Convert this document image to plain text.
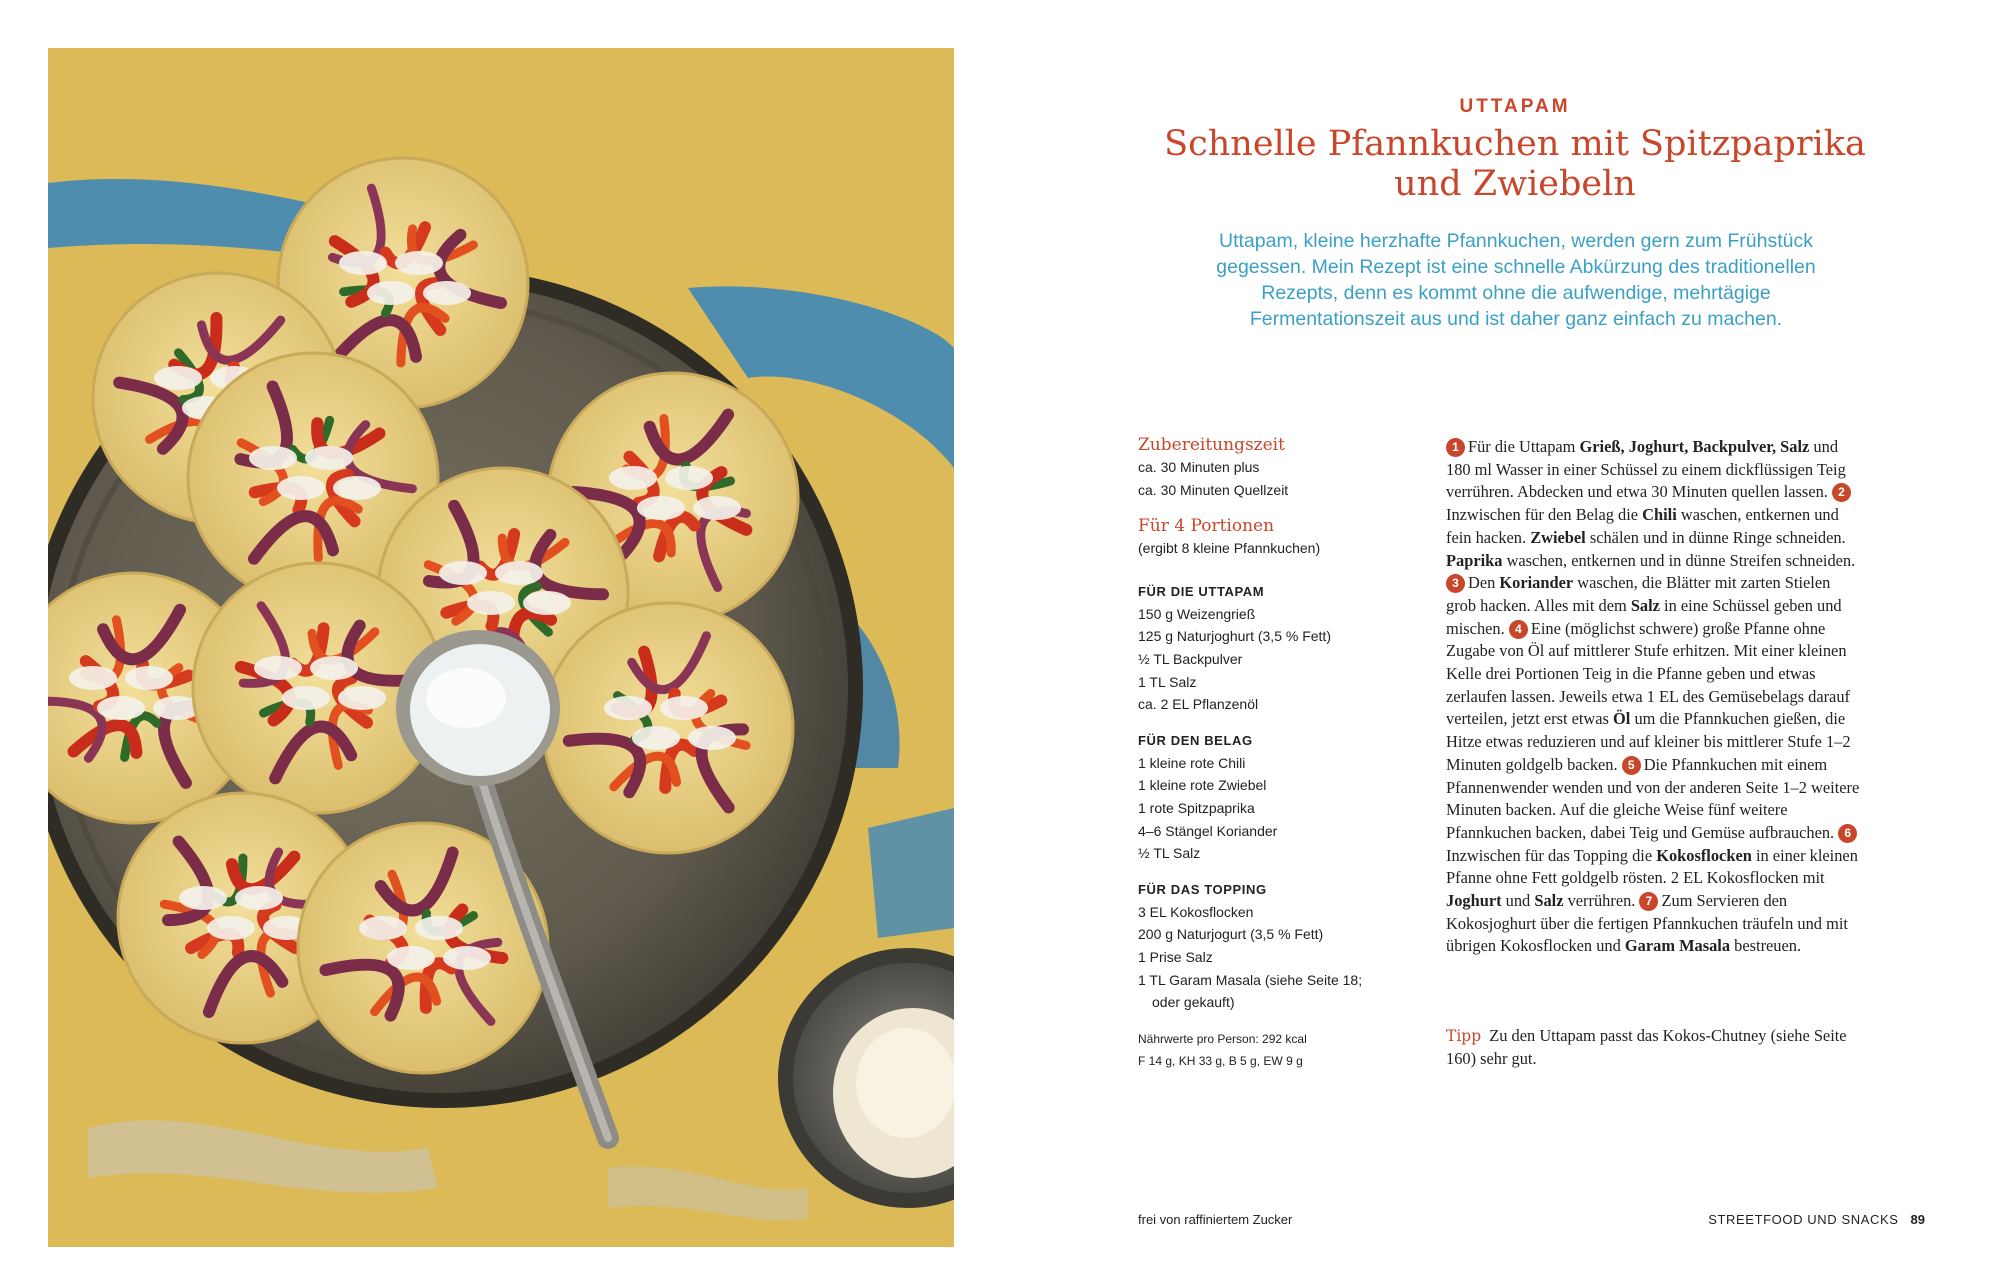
UTTAPAM
Schnelle Pfannkuchen mit Spitzpaprika
und Zwiebeln

Uttapam, kleine herzhafte Pfannkuchen, werden gern zum Frühstück gegessen. Mein Rezept ist eine schnelle Abkürzung des traditionellen Rezepts, denn es kommt ohne die aufwendige, mehrtägige Fermentationszeit aus und ist daher ganz einfach zu machen.

Zubereitungszeit
ca. 30 Minuten plus
ca. 30 Minuten Quellzeit
Für 4 Portionen
(ergibt 8 kleine Pfannkuchen)
FÜR DIE UTTAPAM
150 g Weizengrieß
125 g Naturjoghurt (3,5 % Fett)
½ TL Backpulver
1 TL Salz
ca. 2 EL Pflanzenöl
FÜR DEN BELAG
1 kleine rote Chili
1 kleine rote Zwiebel
1 rote Spitzpaprika
4–6 Stängel Koriander
½ TL Salz
FÜR DAS TOPPING
3 EL Kokosflocken
200 g Naturjogurt (3,5 % Fett)
1 Prise Salz
1 TL Garam Masala (siehe Seite 18;
oder gekauft)
Nährwerte pro Person: 292 kcal
F 14 g, KH 33 g, B 5 g, EW 9 g
1 Für die Uttapam Grieß, Joghurt, Backpulver, Salz und 180 ml Wasser in einer Schüssel zu einem dickflüssigen Teig verrühren. Abdecken und etwa 30 Minuten quellen lassen. 2Inzwischen für den Belag die Chili waschen, entkernen und fein hacken. Zwiebel schälen und in dünne Ringe schneiden. Paprika waschen, entkernen und in dünne Streifen schneiden. 3 Den Koriander waschen, die Blätter mit zarten Stielen grob hacken. Alles mit dem Salz in eine Schüssel geben und mischen. 4 Eine (möglichst schwere) große Pfanne ohne Zugabe von Öl auf mittlerer Stufe erhitzen. Mit einer kleinen Kelle drei Portionen Teig in die Pfanne geben und etwas zerlaufen lassen. Jeweils etwa 1 EL des Gemüsebelags darauf verteilen, jetzt erst etwas Öl um die Pfannkuchen gießen, die Hitze etwas reduzieren und auf kleiner bis mittlerer Stufe 1–2 Minuten goldgelb backen. 5 Die Pfannkuchen mit einem Pfannenwender wenden und von der anderen Seite 1–2 weitere Minuten backen. Auf die gleiche Weise fünf weitere Pfannkuchen backen, dabei Teig und Gemüse aufbrauchen. 6Inzwischen für das Topping die Kokosflocken in einer kleinen Pfanne ohne Fett goldgelb rösten. 2 EL Kokosflocken mit Joghurt und Salz verrühren. 7 Zum Servieren den Kokosjoghurt über die fertigen Pfannkuchen träufeln und mit übrigen Kokosflocken und Garam Masala bestreuen.
Tipp Zu den Uttapam passt das Kokos-Chutney (siehe Seite 160) sehr gut.
frei von raffiniertem Zucker	STREETFOOD UND SNACKS 89
